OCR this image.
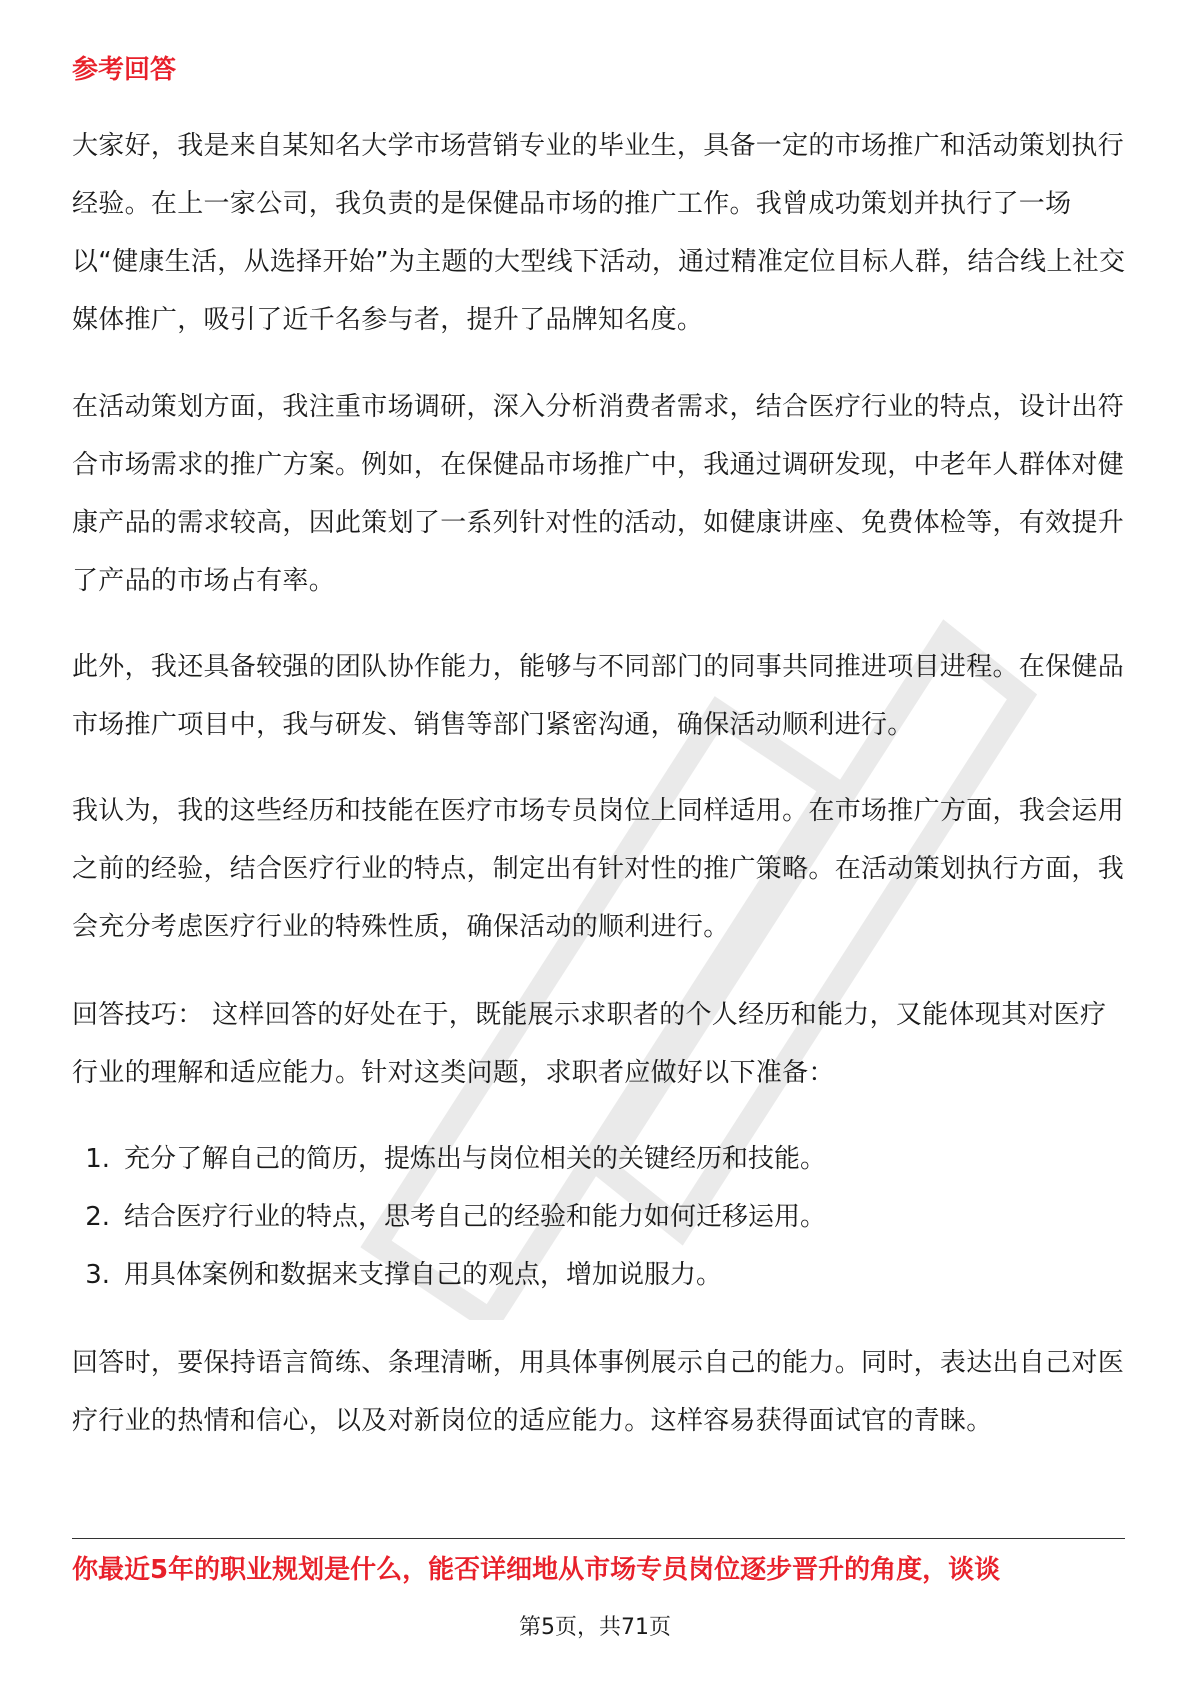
参考回答

大家好，我是来自某知名大学市场营销专业的毕业生，具备一定的市场推广和活动策划执行经验。在上一家公司，我负责的是保健品市场的推广工作。我曾成功策划并执行了一场以“健康生活，从选择开始”为主题的大型线下活动，通过精准定位目标人群，结合线上社交媒体推广，吸引了近千名参与者，提升了品牌知名度。

在活动策划方面，我注重市场调研，深入分析消费者需求，结合医疗行业的特点，设计出符合市场需求的推广方案。例如，在保健品市场推广中，我通过调研发现，中老年人群体对健康产品的需求较高，因此策划了一系列针对性的活动，如健康讲座、免费体检等，有效提升了产品的市场占有率。

此外，我还具备较强的团队协作能力，能够与不同部门的同事共同推进项目进程。在保健品市场推广项目中，我与研发、销售等部门紧密沟通，确保活动顺利进行。

我认为，我的这些经历和技能在医疗市场专员岗位上同样适用。在市场推广方面，我会运用之前的经验，结合医疗行业的特点，制定出有针对性的推广策略。在活动策划执行方面，我会充分考虑医疗行业的特殊性质，确保活动的顺利进行。

回答技巧： 这样回答的好处在于，既能展示求职者的个人经历和能力，又能体现其对医疗行业的理解和适应能力。针对这类问题，求职者应做好以下准备：

1. 充分了解自己的简历，提炼出与岗位相关的关键经历和技能。
2. 结合医疗行业的特点，思考自己的经验和能力如何迁移运用。
3. 用具体案例和数据来支撑自己的观点，增加说服力。

回答时，要保持语言简练、条理清晰，用具体事例展示自己的能力。同时，表达出自己对医疗行业的热情和信心，以及对新岗位的适应能力。这样容易获得面试官的青睐。

你最近5年的职业规划是什么，能否详细地从市场专员岗位逐步晋升的角度，谈谈

第5页，共71页
